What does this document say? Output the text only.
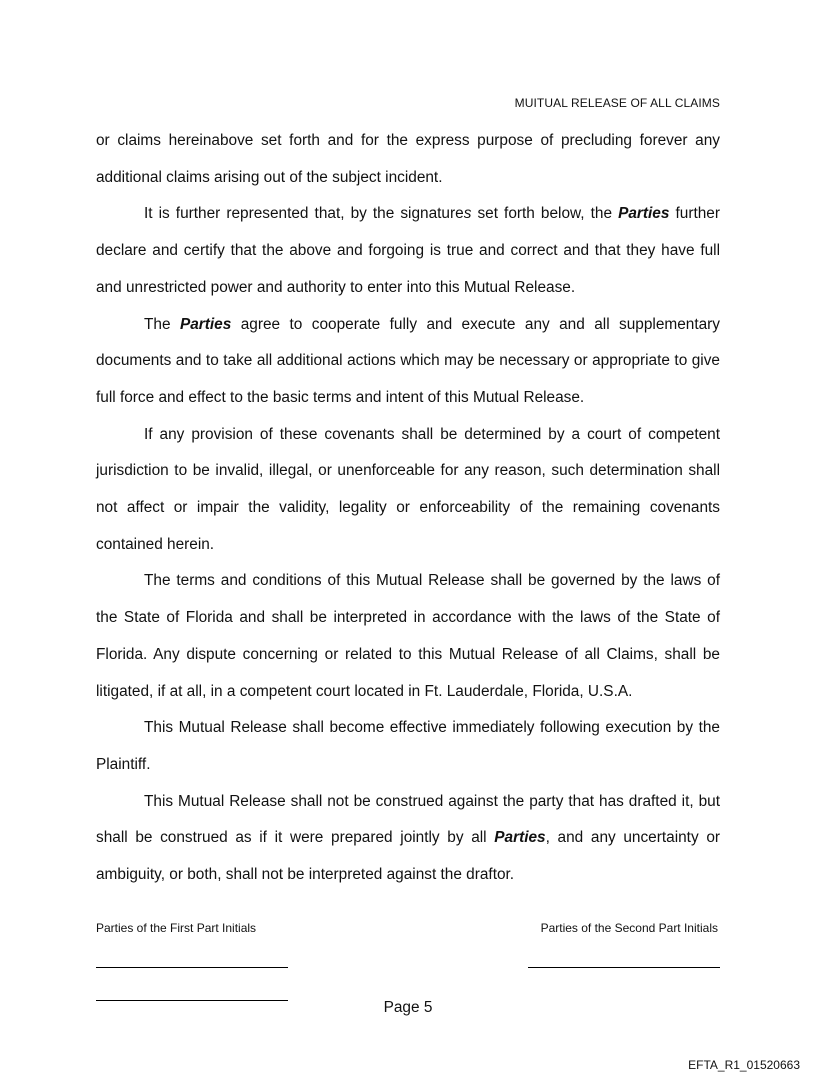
MUITUAL RELEASE OF ALL CLAIMS

or claims hereinabove set forth and for the express purpose of precluding forever any additional claims arising out of the subject incident.

It is further represented that, by the signatures set forth below, the Parties further declare and certify that the above and forgoing is true and correct and that they have full and unrestricted power and authority to enter into this Mutual Release.

The Parties agree to cooperate fully and execute any and all supplementary documents and to take all additional actions which may be necessary or appropriate to give full force and effect to the basic terms and intent of this Mutual Release.

If any provision of these covenants shall be determined by a court of competent jurisdiction to be invalid, illegal, or unenforceable for any reason, such determination shall not affect or impair the validity, legality or enforceability of the remaining covenants contained herein.

The terms and conditions of this Mutual Release shall be governed by the laws of the State of Florida and shall be interpreted in accordance with the laws of the State of Florida. Any dispute concerning or related to this Mutual Release of all Claims, shall be litigated, if at all, in a competent court located in Ft. Lauderdale, Florida, U.S.A.

This Mutual Release shall become effective immediately following execution by the Plaintiff.

This Mutual Release shall not be construed against the party that has drafted it, but shall be construed as if it were prepared jointly by all Parties, and any uncertainty or ambiguity, or both, shall not be interpreted against the draftor.

Parties of the First Part Initials	Parties of the Second Part Initials
Page 5
EFTA_R1_01520663
